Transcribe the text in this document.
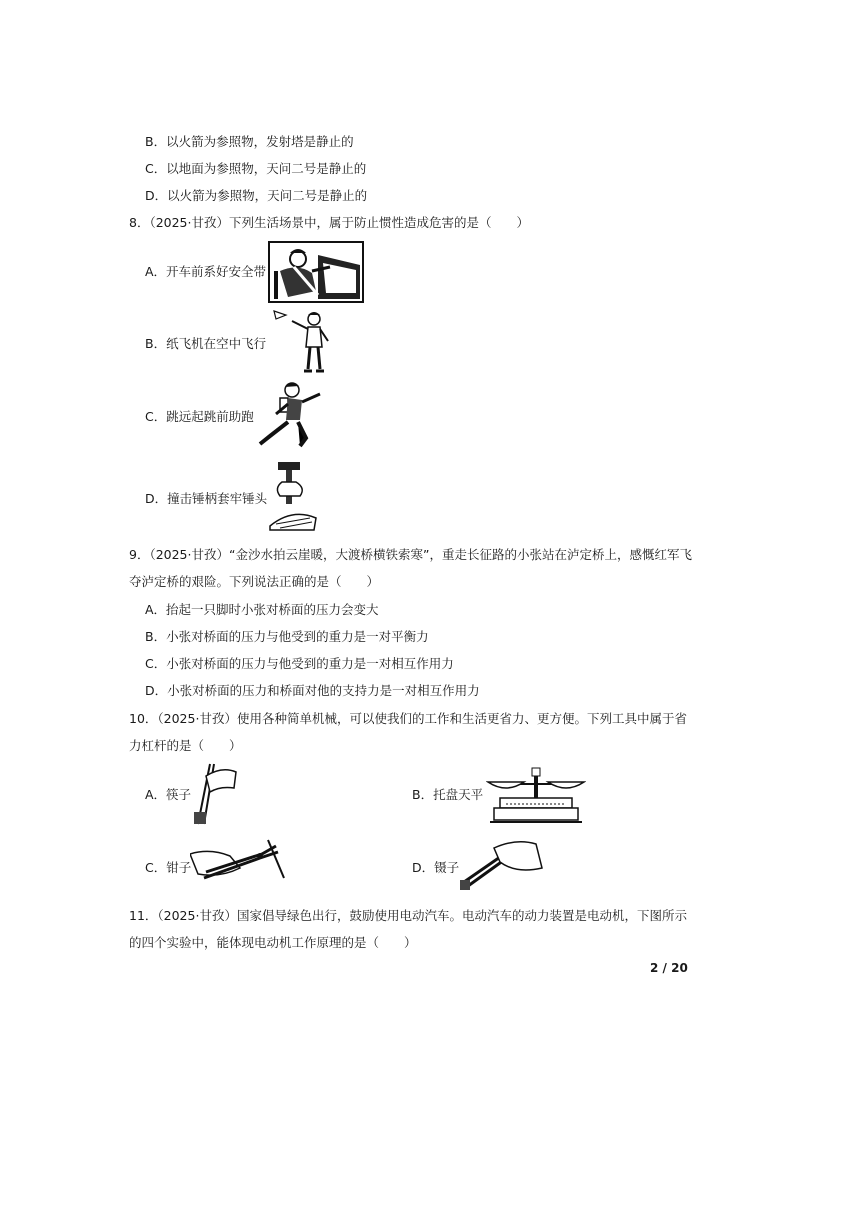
B．以火箭为参照物，发射塔是静止的
C．以地面为参照物，天问二号是静止的
D．以火箭为参照物，天问二号是静止的
8．（2025·甘孜）下列生活场景中，属于防止惯性造成危害的是（　　）
A．开车前系好安全带
B．纸飞机在空中飞行
C．跳远起跳前助跑
D．撞击锤柄套牢锤头
9．（2025·甘孜）“金沙水拍云崖暖，大渡桥横铁索寒”，重走长征路的小张站在泸定桥上，感慨红军飞
夺泸定桥的艰险。下列说法正确的是（　　）
A．抬起一只脚时小张对桥面的压力会变大
B．小张对桥面的压力与他受到的重力是一对平衡力
C．小张对桥面的压力与他受到的重力是一对相互作用力
D．小张对桥面的压力和桥面对他的支持力是一对相互作用力
10．（2025·甘孜）使用各种简单机械，可以使我们的工作和生活更省力、更方便。下列工具中属于省
力杠杆的是（　　）
A．筷子	B．托盘天平
C．钳子	D．镊子
11．（2025·甘孜）国家倡导绿色出行，鼓励使用电动汽车。电动汽车的动力装置是电动机，下图所示
的四个实验中，能体现电动机工作原理的是（　　）
2 / 20
